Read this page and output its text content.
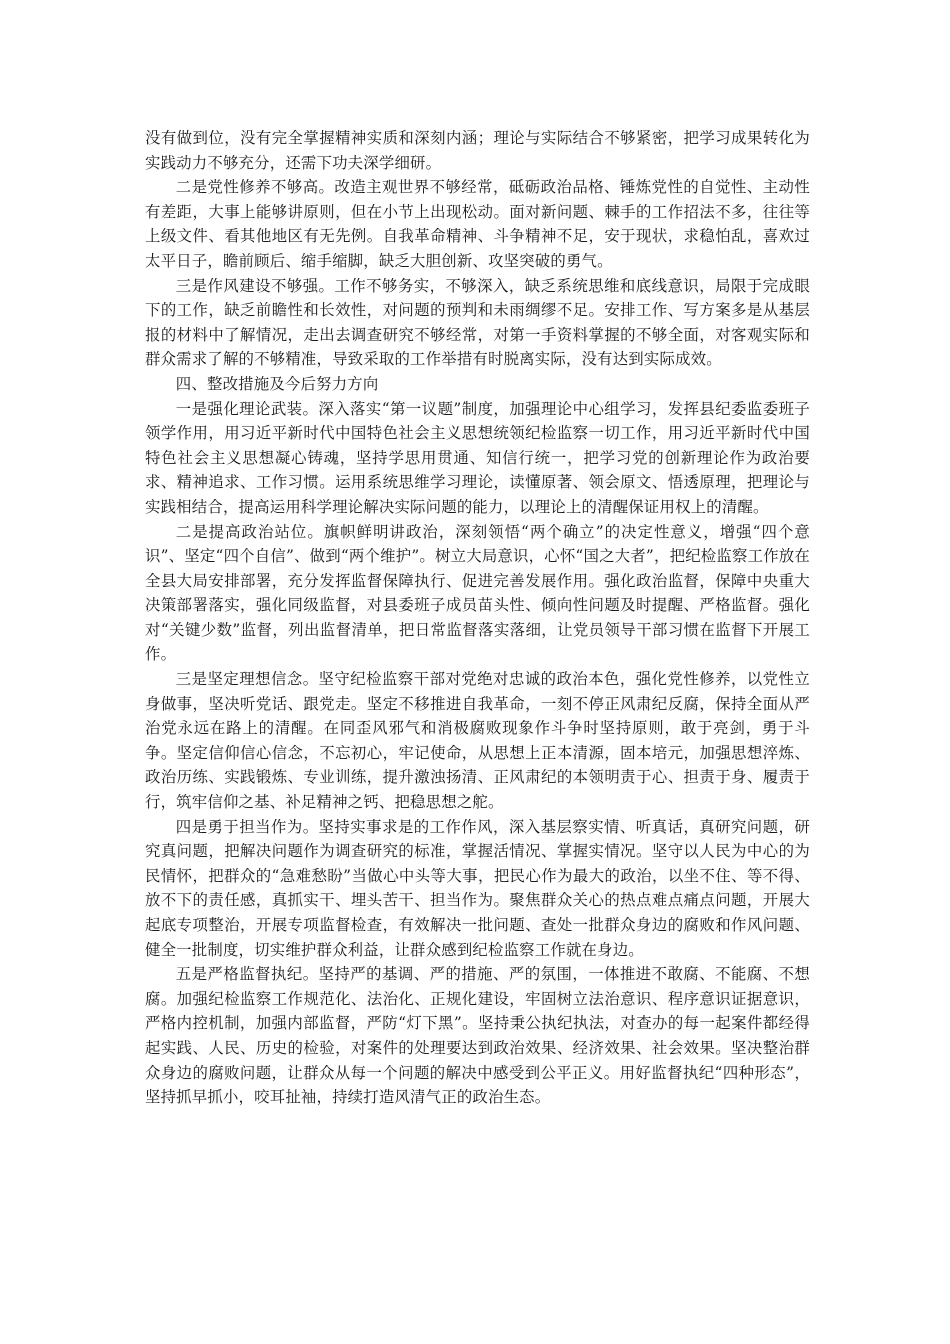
没有做到位，没有完全掌握精神实质和深刻内涵；理论与实际结合不够紧密，把学习成果转化为实践动力不够充分，还需下功夫深学细研。

二是党性修养不够高。改造主观世界不够经常，砥砺政治品格、锤炼党性的自觉性、主动性有差距，大事上能够讲原则，但在小节上出现松动。面对新问题、棘手的工作招法不多，往往等上级文件、看其他地区有无先例。自我革命精神、斗争精神不足，安于现状，求稳怕乱，喜欢过太平日子，瞻前顾后、缩手缩脚，缺乏大胆创新、攻坚突破的勇气。

三是作风建设不够强。工作不够务实，不够深入，缺乏系统思维和底线意识，局限于完成眼下的工作，缺乏前瞻性和长效性，对问题的预判和未雨绸缪不足。安排工作、写方案多是从基层报的材料中了解情况，走出去调查研究不够经常，对第一手资料掌握的不够全面，对客观实际和群众需求了解的不够精准，导致采取的工作举措有时脱离实际，没有达到实际成效。

四、整改措施及今后努力方向

一是强化理论武装。深入落实“第一议题”制度，加强理论中心组学习，发挥县纪委监委班子领学作用，用习近平新时代中国特色社会主义思想统领纪检监察一切工作，用习近平新时代中国特色社会主义思想凝心铸魂，坚持学思用贯通、知信行统一，把学习党的创新理论作为政治要求、精神追求、工作习惯。运用系统思维学习理论，读懂原著、领会原文、悟透原理，把理论与实践相结合，提高运用科学理论解决实际问题的能力，以理论上的清醒保证用权上的清醒。

二是提高政治站位。旗帜鲜明讲政治，深刻领悟“两个确立”的决定性意义，增强“四个意识”、坚定“四个自信”、做到“两个维护”。树立大局意识，心怀“国之大者”，把纪检监察工作放在全县大局安排部署，充分发挥监督保障执行、促进完善发展作用。强化政治监督，保障中央重大决策部署落实，强化同级监督，对县委班子成员苗头性、倾向性问题及时提醒、严格监督。强化对“关键少数”监督，列出监督清单，把日常监督落实落细，让党员领导干部习惯在监督下开展工作。

三是坚定理想信念。坚守纪检监察干部对党绝对忠诚的政治本色，强化党性修养，以党性立身做事，坚决听党话、跟党走。坚定不移推进自我革命，一刻不停正风肃纪反腐，保持全面从严治党永远在路上的清醒。在同歪风邪气和消极腐败现象作斗争时坚持原则，敢于亮剑，勇于斗争。坚定信仰信心信念，不忘初心，牢记使命，从思想上正本清源，固本培元，加强思想淬炼、政治历练、实践锻炼、专业训练，提升激浊扬清、正风肃纪的本领明责于心、担责于身、履责于行，筑牢信仰之基、补足精神之钙、把稳思想之舵。

四是勇于担当作为。坚持实事求是的工作作风，深入基层察实情、听真话，真研究问题，研究真问题，把解决问题作为调查研究的标准，掌握活情况、掌握实情况。坚守以人民为中心的为民情怀，把群众的“急难愁盼”当做心中头等大事，把民心作为最大的政治，以坐不住、等不得、放不下的责任感，真抓实干、埋头苦干、担当作为。聚焦群众关心的热点难点痛点问题，开展大起底专项整治，开展专项监督检查，有效解决一批问题、查处一批群众身边的腐败和作风问题、健全一批制度，切实维护群众利益，让群众感到纪检监察工作就在身边。

五是严格监督执纪。坚持严的基调、严的措施、严的氛围，一体推进不敢腐、不能腐、不想腐。加强纪检监察工作规范化、法治化、正规化建设，牢固树立法治意识、程序意识证据意识，严格内控机制，加强内部监督，严防“灯下黑”。坚持秉公执纪执法，对查办的每一起案件都经得起实践、人民、历史的检验，对案件的处理要达到政治效果、经济效果、社会效果。坚决整治群众身边的腐败问题，让群众从每一个问题的解决中感受到公平正义。用好监督执纪“四种形态”，坚持抓早抓小，咬耳扯袖，持续打造风清气正的政治生态。
